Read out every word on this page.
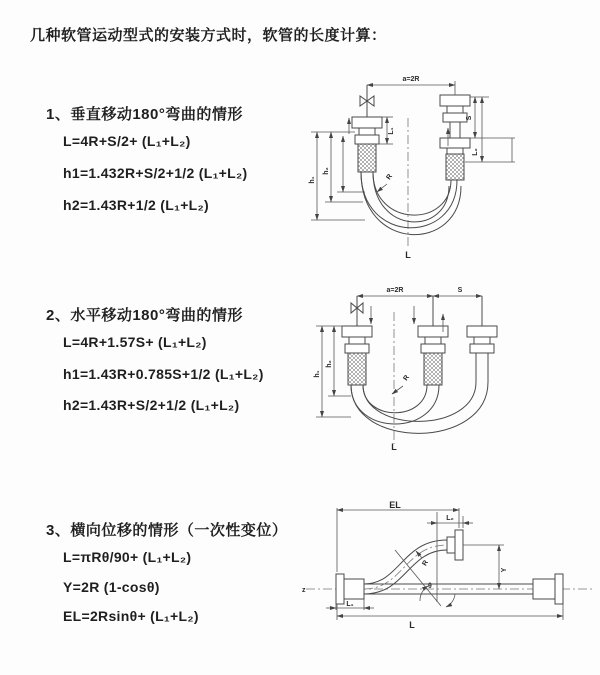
几种软管运动型式的安装方式时，软管的长度计算：
1、垂直移动180°弯曲的情形
L=4R+S/2+ (L₁+L₂)
h1=1.432R+S/2+1/2 (L₁+L₂)
h2=1.43R+1/2 (L₁+L₂)
2、水平移动180°弯曲的情形
L=4R+1.57S+ (L₁+L₂)
h1=1.43R+0.785S+1/2 (L₁+L₂)
h2=1.43R+S/2+1/2 (L₁+L₂)
3、横向位移的情形（一次性变位）
L=πRθ/90+ (L₁+L₂)
Y=2R (1-cosθ)
EL=2Rsinθ+ (L₁+L₂)
a=2R
h₁
h₂
L₁
S
L₂
R
L
a=2R	S
h₁
h₂
R
L
z
θ
R
EL
L₂
Y
L₁
L
